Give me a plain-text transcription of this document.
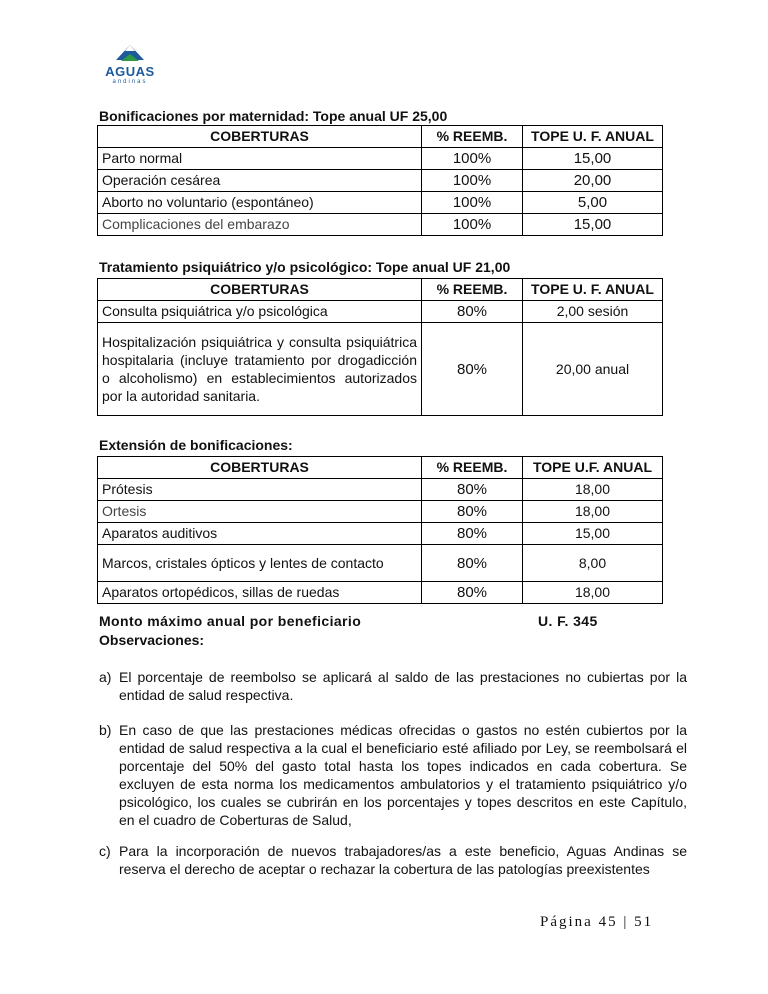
AGUAS
andinas
Bonificaciones por maternidad: Tope anual UF 25,00
COBERTURAS	% REEMB.	TOPE U. F. ANUAL
Parto normal	100%	15,00
Operación cesárea	100%	20,00
Aborto no voluntario (espontáneo)	100%	5,00
Complicaciones del embarazo	100%	15,00
Tratamiento psiquiátrico y/o psicológico: Tope anual UF 21,00
COBERTURAS	% REEMB.	TOPE U. F. ANUAL
Consulta psiquiátrica y/o psicológica	80%	2,00 sesión
Hospitalización psiquiátrica y consulta psiquiátrica hospitalaria (incluye tratamiento por drogadicción o alcoholismo) en establecimientos autorizados por la autoridad sanitaria.	80%	20,00 anual
Extensión de bonificaciones:
COBERTURAS	% REEMB.	TOPE U.F. ANUAL
Prótesis	80%	18,00
Ortesis	80%	18,00
Aparatos auditivos	80%	15,00
Marcos, cristales ópticos y lentes de contacto	80%	8,00
Aparatos ortopédicos, sillas de ruedas	80%	18,00
Monto máximo anual por beneficiario	U. F. 345
Observaciones:
a) El porcentaje de reembolso se aplicará al saldo de las prestaciones no cubiertas por la entidad de salud respectiva.
b) En caso de que las prestaciones médicas ofrecidas o gastos no estén cubiertos por la entidad de salud respectiva a la cual el beneficiario esté afiliado por Ley, se reembolsará el porcentaje del 50% del gasto total hasta los topes indicados en cada cobertura. Se excluyen de esta norma los medicamentos ambulatorios y el tratamiento psiquiátrico y/o psicológico, los cuales se cubrirán en los porcentajes y topes descritos en este Capítulo, en el cuadro de Coberturas de Salud,
c) Para la incorporación de nuevos trabajadores/as a este beneficio, Aguas Andinas se reserva el derecho de aceptar o rechazar la cobertura de las patologías preexistentes
Página 45 | 51
